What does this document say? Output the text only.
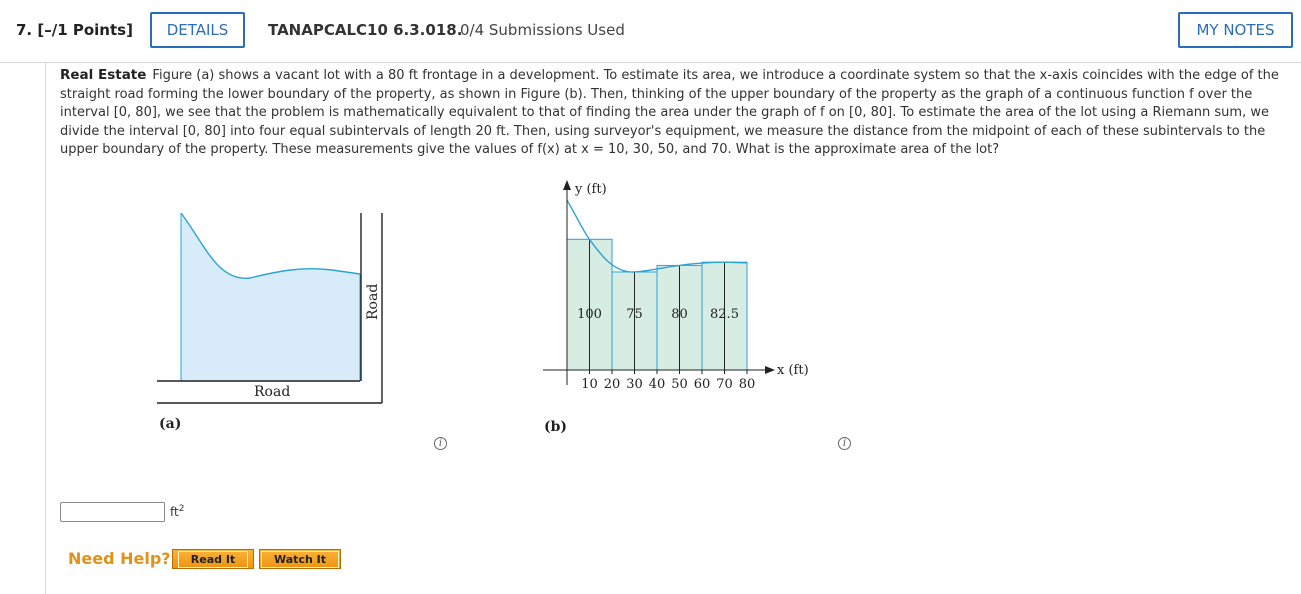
7. [–/1 Points]	DETAILS	TANAPCALC10 6.3.018.
0/4 Submissions Used	MY NOTES
Real Estate Figure (a) shows a vacant lot with a 80 ft frontage in a development. To estimate its area, we introduce a coordinate system so that the x-axis coincides with the edge of the straight road forming the lower boundary of the property, as shown in Figure (b). Then, thinking of the upper boundary of the property as the graph of a continuous function f over the interval [0, 80], we see that the problem is mathematically equivalent to that of finding the area under the graph of f on [0, 80]. To estimate the area of the lot using a Riemann sum, we divide the interval [0, 80] into four equal subintervals of length 20 ft. Then, using surveyor's equipment, we measure the distance from the midpoint of each of these subintervals to the upper boundary of the property. These measurements give the values of f(x) at x = 10, 30, 50, and 70. What is the approximate area of the lot?
Road
Road
(a)
y (ft)
x (ft)
10 20 30 40 50 60 70 80
100 75 80 82.5
(b)
i	i
$ft^2$
Need Help?	Read It	Watch It
